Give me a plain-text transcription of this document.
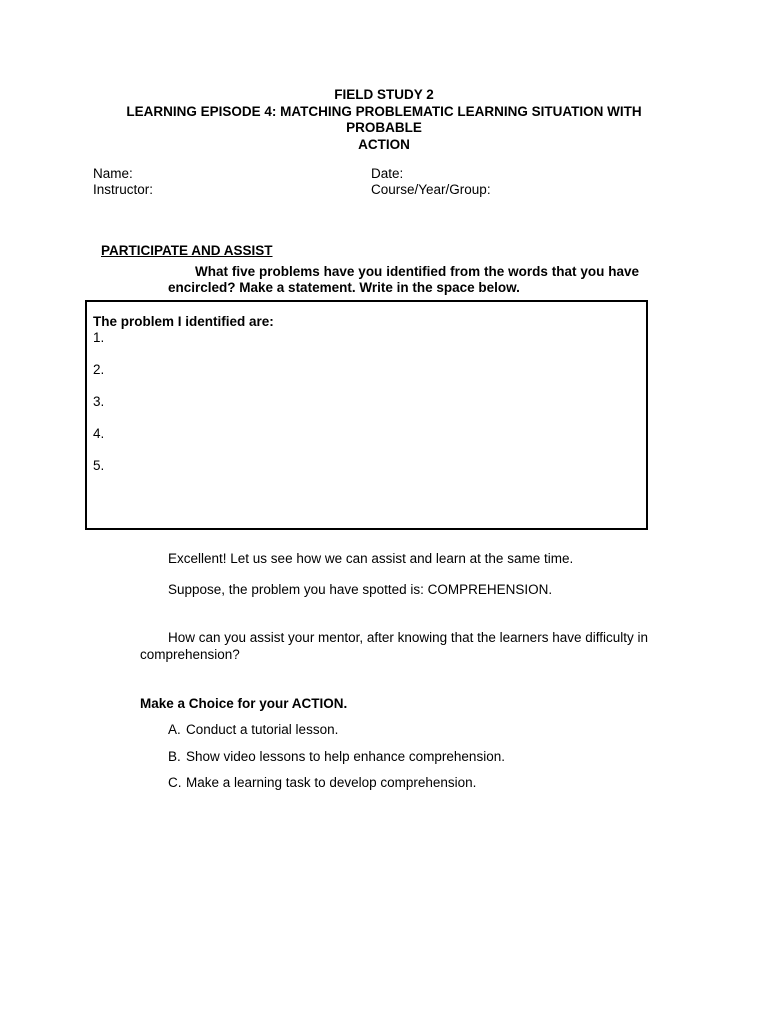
FIELD STUDY 2
LEARNING EPISODE 4: MATCHING PROBLEMATIC LEARNING SITUATION WITH PROBABLE
ACTION
Name:
Instructor:
Date:
Course/Year/Group:
PARTICIPATE AND ASSIST
What five problems have you identified from the words that you have encircled? Make a statement. Write in the space below.
The problem I identified are:
1.
2.
3.
4.
5.
Excellent! Let us see how we can assist and learn at the same time.
Suppose, the problem you have spotted is: COMPREHENSION.
How can you assist your mentor, after knowing that the learners have difficulty in
comprehension?
Make a Choice for your ACTION.
A. Conduct a tutorial lesson.
B. Show video lessons to help enhance comprehension.
C. Make a learning task to develop comprehension.
